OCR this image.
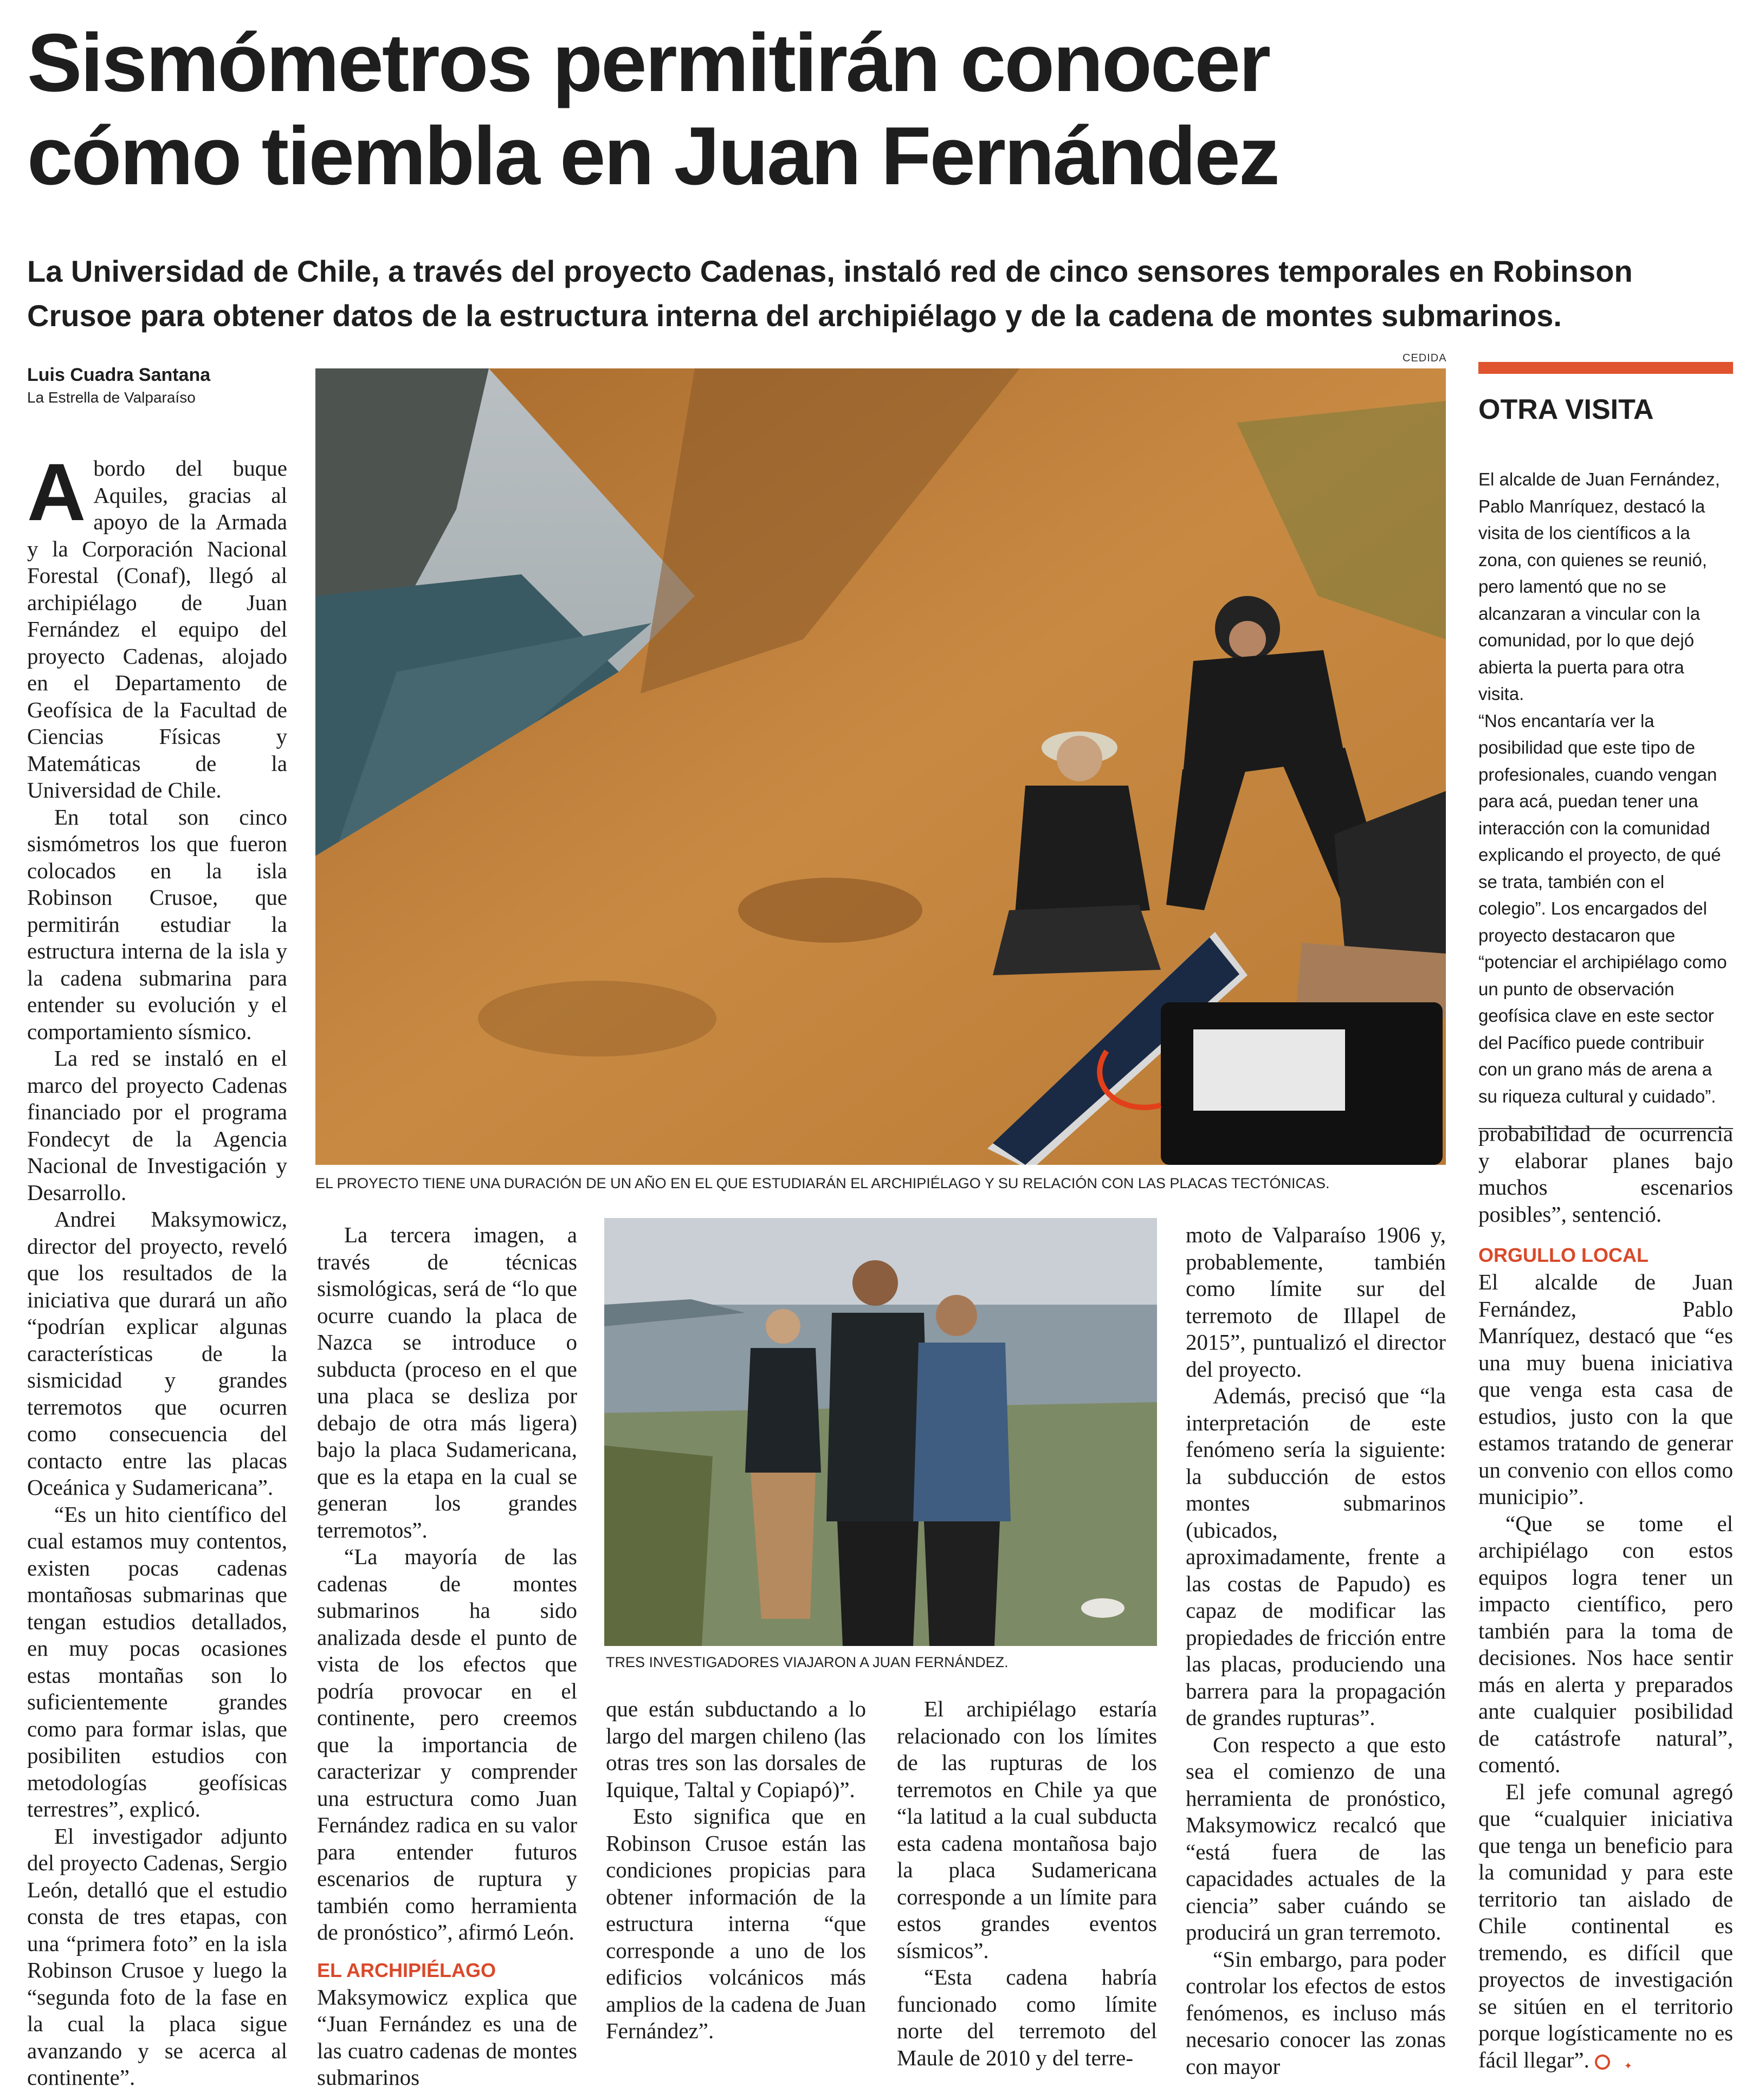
Sismómetros permitirán conocer
cómo tiembla en Juan Fernández

La Universidad de Chile, a través del proyecto Cadenas, instaló red de cinco sensores temporales en Robinson Crusoe para obtener datos de la estructura interna del archipiélago y de la cadena de montes submarinos.

Luis Cuadra Santana
La Estrella de Valparaíso

Abordo del buque Aquiles, gracias al apoyo de la Armada y la Corporación Nacional Forestal (Conaf), llegó al archipiélago de Juan Fernández el equipo del proyecto Cadenas, alojado en el Departamento de Geofísica de la Facultad de Ciencias Físicas y Matemáticas de la Universidad de Chile.

En total son cinco sismómetros los que fueron colocados en la isla Robinson Crusoe, que permitirán estudiar la estructura interna de la isla y la cadena submarina para entender su evolución y el comportamiento sísmico.

La red se instaló en el marco del proyecto Cadenas financiado por el programa Fondecyt de la Agencia Nacional de Investigación y Desarrollo.

Andrei Maksymowicz, director del proyecto, reveló que los resultados de la iniciativa que durará un año “podrían explicar algunas características de la sismicidad y grandes terremotos que ocurren como consecuencia del contacto entre las placas Oceánica y Sudamericana”.

“Es un hito científico del cual estamos muy contentos, existen pocas cadenas montañosas submarinas que tengan estudios detallados, en muy pocas ocasiones estas montañas son lo suficientemente grandes como para formar islas, que posibiliten estudios con metodologías geofísicas terrestres”, explicó.

El investigador adjunto del proyecto Cadenas, Sergio León, detalló que el estudio consta de tres etapas, con una “primera foto” en la isla Robinson Crusoe y luego la “segunda foto de la fase en la cual la placa sigue avanzando y se acerca al continente”.

CEDIDA
EL PROYECTO TIENE UNA DURACIÓN DE UN AÑO EN EL QUE ESTUDIARÁN EL ARCHIPIÉLAGO Y SU RELACIÓN CON LAS PLACAS TECTÓNICAS.
OTRA VISITA

El alcalde de Juan Fernández, Pablo Manríquez, destacó la visita de los científicos a la zona, con quienes se reunió, pero lamentó que no se alcanzaran a vincular con la comunidad, por lo que dejó abierta la puerta para otra visita.

“Nos encantaría ver la posibilidad que este tipo de profesionales, cuando vengan para acá, puedan tener una interacción con la comunidad explicando el proyecto, de qué se trata, también con el colegio”. Los encargados del proyecto destacaron que “potenciar el archipiélago como un punto de observación geofísica clave en este sector del Pacífico puede contribuir con un grano más de arena a su riqueza cultural y cuidado”.

probabilidad de ocurrencia y elaborar planes bajo muchos escenarios posibles”, sentenció.

ORGULLO LOCAL

El alcalde de Juan Fernández, Pablo Manríquez, destacó que “es una muy buena iniciativa que venga esta casa de estudios, justo con la que estamos tratando de generar un convenio con ellos como municipio”.

“Que se tome el archipiélago con estos equipos logra tener un impacto científico, pero también para la toma de decisiones. Nos hace sentir más en alerta y preparados ante cualquier posibilidad de catástrofe natural”, comentó.

El jefe comunal agregó que “cualquier iniciativa que tenga un beneficio para la comunidad y para este territorio tan aislado de Chile continental es tremendo, es difícil que proyectos de investigación se sitúen en el territorio porque logísticamente no es fácil llegar”.✦

TRES INVESTIGADORES VIAJARON A JUAN FERNÁNDEZ.

La tercera imagen, a través de técnicas sismológicas, será de “lo que ocurre cuando la placa de Nazca se introduce o subducta (proceso en el que una placa se desliza por debajo de otra más ligera) bajo la placa Sudamericana, que es la etapa en la cual se generan los grandes terremotos”.

“La mayoría de las cadenas de montes submarinos ha sido analizada desde el punto de vista de los efectos que podría provocar en el continente, pero creemos que la importancia de caracterizar y comprender una estructura como Juan Fernández radica en su valor para entender futuros escenarios de ruptura y también como herramienta de pronóstico”, afirmó León.

EL ARCHIPIÉLAGO

Maksymowicz explica que “Juan Fernández es una de las cuatro cadenas de montes submarinos

que están subductando a lo largo del margen chileno (las otras tres son las dorsales de Iquique, Taltal y Copiapó)”.

Esto significa que en Robinson Crusoe están las condiciones propicias para obtener información de la estructura interna “que corresponde a uno de los edificios volcánicos más amplios de la cadena de Juan Fernández”.

El archipiélago estaría relacionado con los límites de las rupturas de los terremotos en Chile ya que “la latitud a la cual subducta esta cadena montañosa bajo la placa Sudamericana corresponde a un límite para estos grandes eventos sísmicos”.

“Esta cadena habría funcionado como límite norte del terremoto del Maule de 2010 y del terre-

moto de Valparaíso 1906 y, probablemente, también como límite sur del terremoto de Illapel de 2015”, puntualizó el director del proyecto.

Además, precisó que “la interpretación de este fenómeno sería la siguiente: la subducción de estos montes submarinos (ubicados, aproximadamente, frente a las costas de Papudo) es capaz de modificar las propiedades de fricción entre las placas, produciendo una barrera para la propagación de grandes rupturas”.

Con respecto a que esto sea el comienzo de una herramienta de pronóstico, Maksymowicz recalcó que “está fuera de las capacidades actuales de la ciencia” saber cuándo se producirá un gran terremoto.

“Sin embargo, para poder controlar los efectos de estos fenómenos, es incluso más necesario conocer las zonas con mayor
